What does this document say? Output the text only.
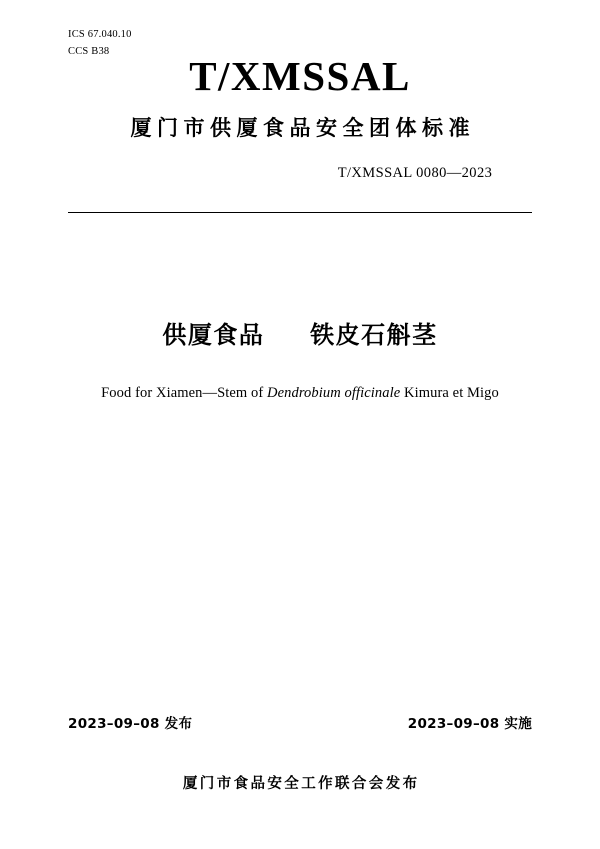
ICS 67.040.10
CCS B38
T/XMSSAL
厦门市供厦食品安全团体标准
T/XMSSAL 0080—2023
供厦食品 铁皮石斛茎
Food for Xiamen—Stem of Dendrobium officinale Kimura et Migo
2023–09–08 发布	2023–09–08 实施
厦门市食品安全工作联合会发布
